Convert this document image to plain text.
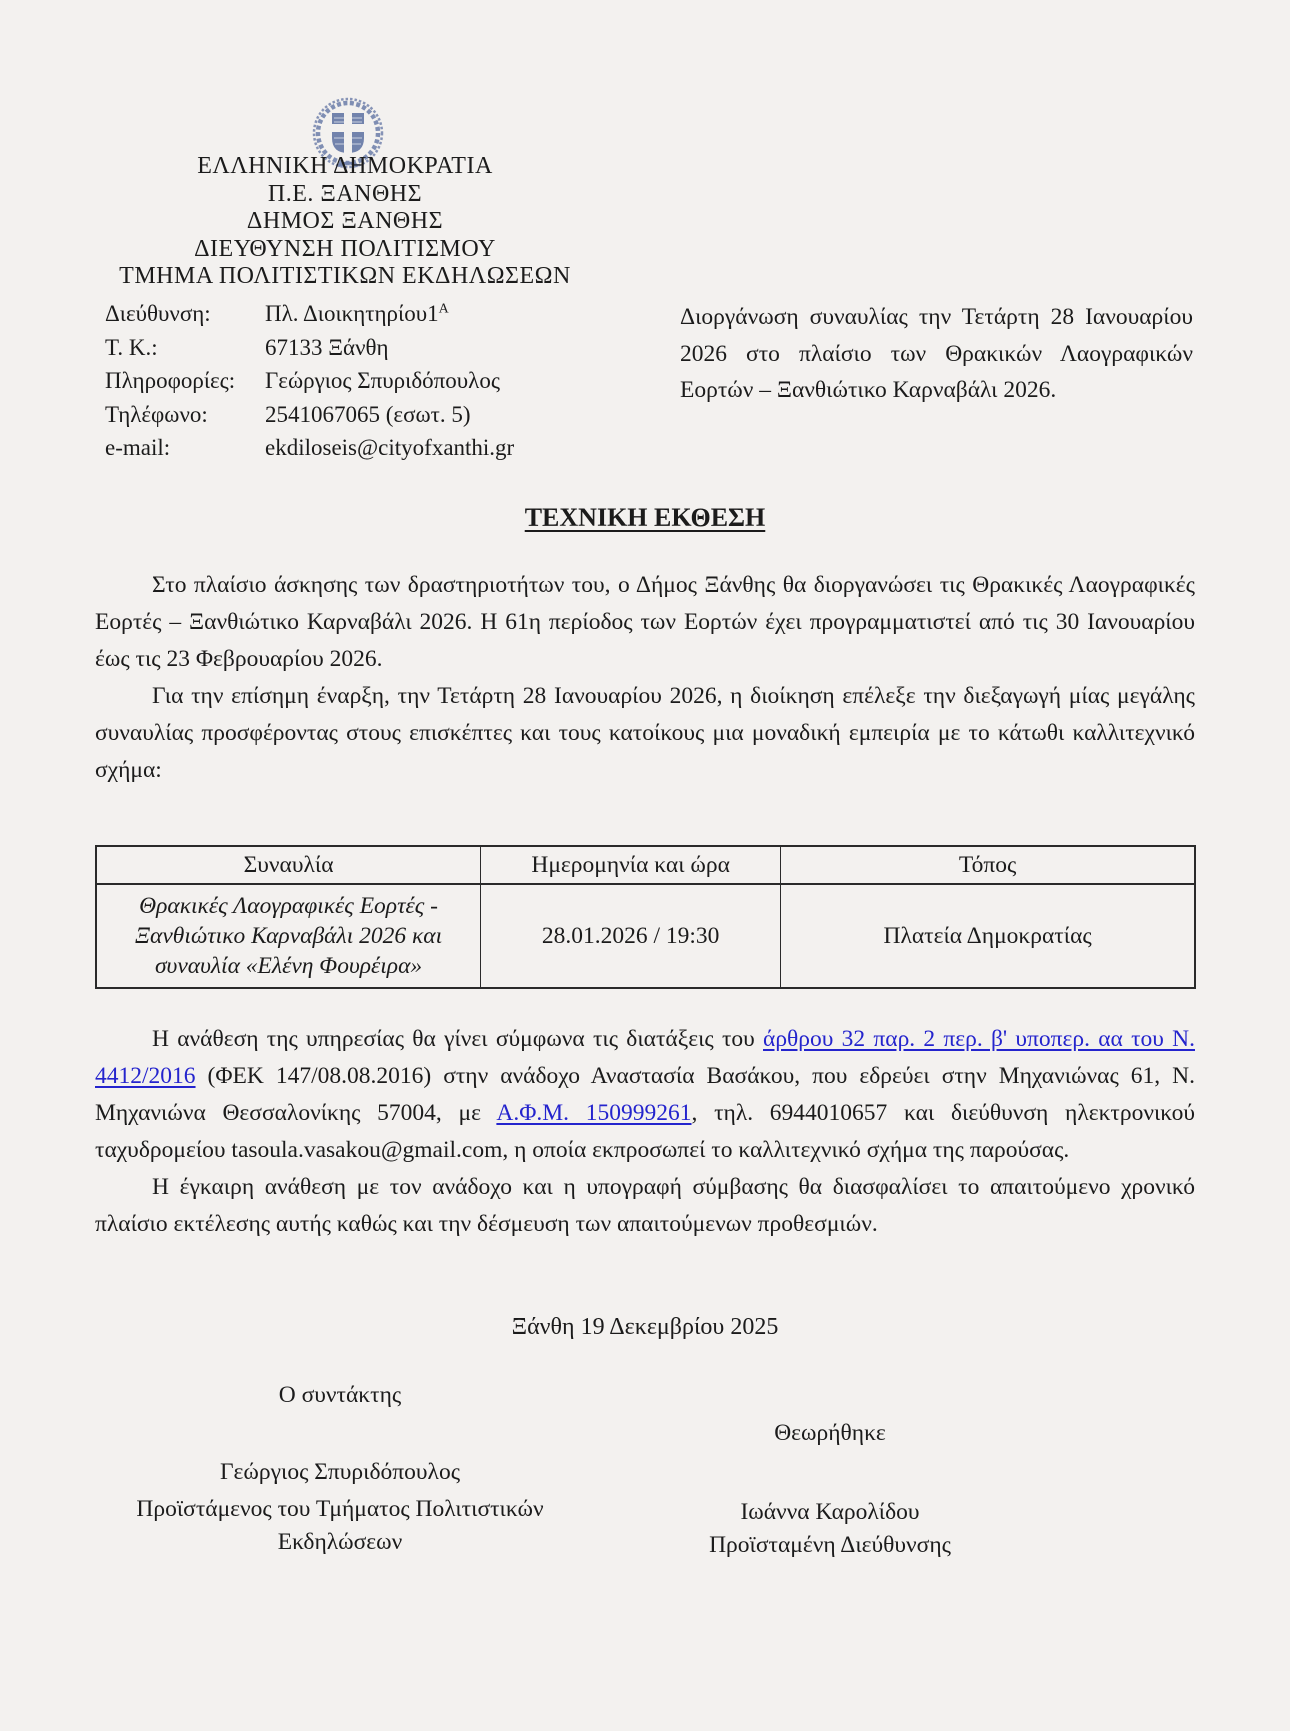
ΕΛΛΗΝΙΚΗ ΔΗΜΟΚΡΑΤΙΑ
Π.Ε. ΞΑΝΘΗΣ
ΔΗΜΟΣ ΞΑΝΘΗΣ
ΔΙΕΥΘΥΝΣΗ ΠΟΛΙΤΙΣΜΟΥ
ΤΜΗΜΑ ΠΟΛΙΤΙΣΤΙΚΩΝ ΕΚΔΗΛΩΣΕΩΝ
Διεύθυνση:	Πλ. $\Delta\iota o\iota\kappa\eta\tau\eta\rho ίo\upsilon 1^A$
Τ. Κ.:	67133 Ξάνθη
Πληροφορίες:	Γεώργιος Σπυριδόπουλος
Τηλέφωνο:	2541067065 (εσωτ. 5)
e-mail:	ekdiloseis@cityofxanthi.gr
Διοργάνωση συναυλίας την Τετάρτη 28 Ιανουαρίου 2026 στο πλαίσιο των Θρακικών Λαογραφικών Εορτών – Ξανθιώτικο Καρναβάλι 2026.
ΤΕΧΝΙΚΗ ΕΚΘΕΣΗ

Στο πλαίσιο άσκησης των δραστηριοτήτων του, ο Δήμος Ξάνθης θα διοργανώσει τις Θρακικές Λαογραφικές Εορτές – Ξανθιώτικο Καρναβάλι 2026. Η 61η περίοδος των Εορτών έχει προγραμματιστεί από τις 30 Ιανουαρίου έως τις 23 Φεβρουαρίου 2026.

Για την επίσημη έναρξη, την Τετάρτη 28 Ιανουαρίου 2026, η διοίκηση επέλεξε την διεξαγωγή μίας μεγάλης συναυλίας προσφέροντας στους επισκέπτες και τους κατοίκους μια μοναδική εμπειρία με το κάτωθι καλλιτεχνικό σχήμα:

Συναυλία	Ημερομηνία και ώρα	Τόπος
Θρακικές Λαογραφικές Εορτές - Ξανθιώτικο Καρναβάλι 2026 και συναυλία «Ελένη Φουρέιρα»	28.01.2026 / 19:30	Πλατεία Δημοκρατίας

Η ανάθεση της υπηρεσίας θα γίνει σύμφωνα τις διατάξεις του άρθρου 32 παρ. 2 περ. β' υποπερ. αα του Ν. 4412/2016 (ΦΕΚ 147/08.08.2016) στην ανάδοχο Αναστασία Βασάκου, που εδρεύει στην Μηχανιώνας 61, Ν. Μηχανιώνα Θεσσαλονίκης 57004, με Α.Φ.Μ. 150999261, τηλ. 6944010657 και διεύθυνση ηλεκτρονικού ταχυδρομείου tasoula.vasakou@gmail.com, η οποία εκπροσωπεί το καλλιτεχνικό σχήμα της παρούσας.

Η έγκαιρη ανάθεση με τον ανάδοχο και η υπογραφή σύμβασης θα διασφαλίσει το απαιτούμενο χρονικό πλαίσιο εκτέλεσης αυτής καθώς και την δέσμευση των απαιτούμενων προθεσμιών.

Ξάνθη 19 Δεκεμβρίου 2025
Ο συντάκτης
Θεωρήθηκε
Γεώργιος Σπυριδόπουλος
Προϊστάμενος του Τμήματος Πολιτιστικών Εκδηλώσεων
Ιωάννα Καρολίδου
Προϊσταμένη Διεύθυνσης
